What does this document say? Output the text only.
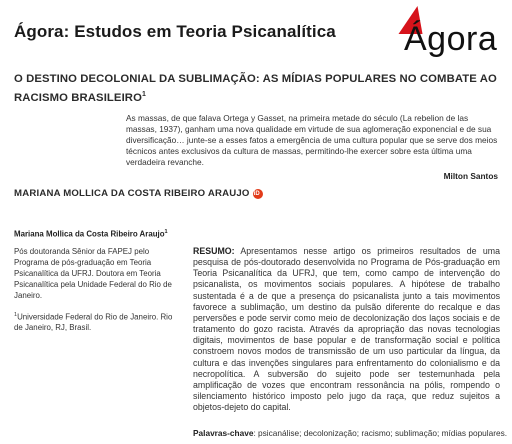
Ágora: Estudos em Teoria Psicanalítica Ágora
O DESTINO DECOLONIAL DA SUBLIMAÇÃO: AS MÍDIAS POPULARES NO COMBATE AO RACISMO BRASILEIRO$^1$
As massas, de que falava Ortega y Gasset, na primeira metade do século (La rebelion de las massas, 1937), ganham uma nova qualidade em virtude de sua aglomeração exponencial e de sua diversificação… junte-se a esses fatos a emergência de uma cultura popular que se serve dos meios técnicos antes exclusivos da cultura de massas, permitindo-lhe exercer sobre esta última uma verdadeira revanche.
Milton Santos
MARIANA MOLLICA DA COSTA RIBEIRO ARAUJO
iD
Mariana Mollica da Costa Ribeiro Araujo$^1$
Pós doutoranda Sênior da FAPEJ pelo Programa de pós-graduação em Teoria Psicanalítica da UFRJ. Doutora em Teoria Psicanalítica pela Unidade Federal do Rio de Janeiro.
$^1$Universidade Federal do Rio de Janeiro. Rio de Janeiro, RJ, Brasil.
RESUMO: Apresentamos nesse artigo os primeiros resultados de uma pesquisa de pós-doutorado desenvolvida no Programa de Pós-graduação em Teoria Psicanalítica da UFRJ, que tem, como campo de intervenção do psicanalista, os movimentos sociais populares. A hipótese de trabalho sustentada é a de que a presença do psicanalista junto a tais movimentos favorece a sublimação, um destino da pulsão diferente do recalque e das perversões e pode servir como meio de decolonização dos laços sociais e de tratamento do gozo racista. Através da apropriação das novas tecnologias digitais, movimentos de base popular e de transformação social e política constroem novos modos de transmissão de um uso particular da língua, da cultura e das invenções singulares para enfrentamento do colonialismo e da necropolítica. A subversão do sujeito pode ser testemunhada pela amplificação de vozes que encontram ressonância na pólis, rompendo o silenciamento histórico imposto pelo jugo da raça, que reduz sujeitos a objetos-dejeto do capital.
Palavras-chave: psicanálise; decolonização; racismo; sublimação; mídias populares.
